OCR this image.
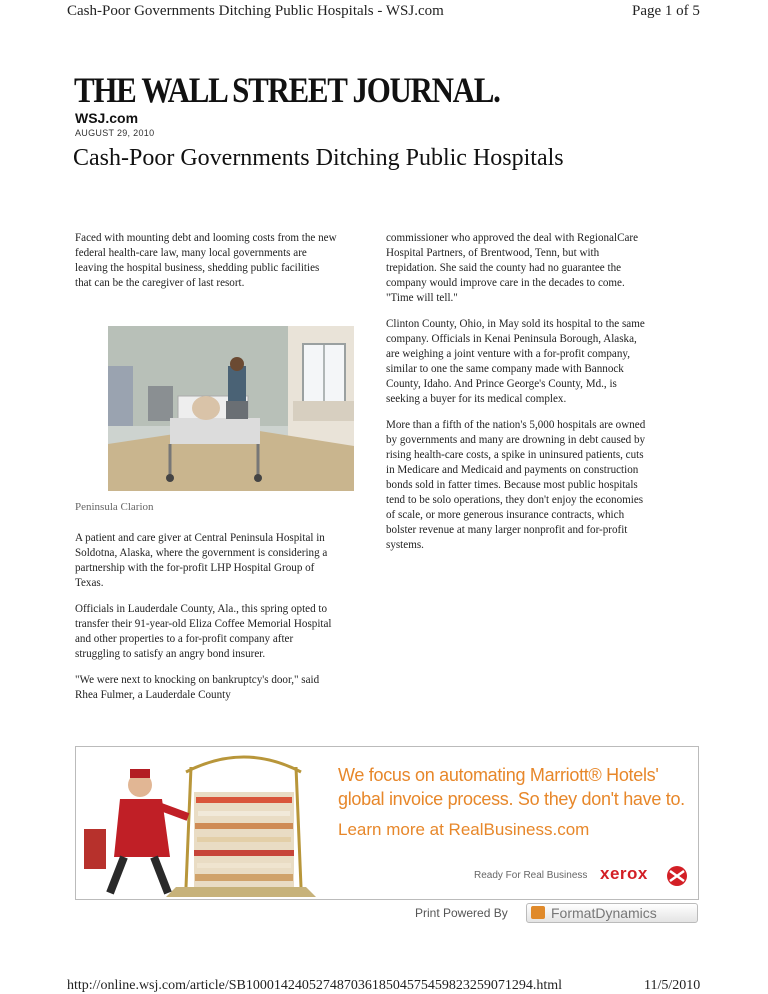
Cash-Poor Governments Ditching Public Hospitals - WSJ.com	Page 1 of 5
THE WALL STREET JOURNAL.
WSJ.com
AUGUST 29, 2010
Cash-Poor Governments Ditching Public Hospitals

Faced with mounting debt and looming costs from the new federal health-care law, many local governments are leaving the hospital business, shedding public facilities that can be the caregiver of last resort.

Peninsula Clarion

A patient and care giver at Central Peninsula Hospital in Soldotna, Alaska, where the government is considering a partnership with the for-profit LHP Hospital Group of Texas.

Officials in Lauderdale County, Ala., this spring opted to transfer their 91-year-old Eliza Coffee Memorial Hospital and other properties to a for-profit company after struggling to satisfy an angry bond insurer.

"We were next to knocking on bankruptcy's door," said Rhea Fulmer, a Lauderdale County

commissioner who approved the deal with RegionalCare Hospital Partners, of Brentwood, Tenn, but with trepidation. She said the county had no guarantee the company would improve care in the decades to come. "Time will tell."

Clinton County, Ohio, in May sold its hospital to the same company. Officials in Kenai Peninsula Borough, Alaska, are weighing a joint venture with a for-profit company, similar to one the same company made with Bannock County, Idaho. And Prince George's County, Md., is seeking a buyer for its medical complex.

More than a fifth of the nation's 5,000 hospitals are owned by governments and many are drowning in debt caused by rising health-care costs, a spike in uninsured patients, cuts in Medicare and Medicaid and payments on construction bonds sold in fatter times. Because most public hospitals tend to be solo operations, they don't enjoy the economies of scale, or more generous insurance contracts, which bolster revenue at many larger nonprofit and for-profit systems.

We focus on automating Marriott® Hotels'
global invoice process. So they don't have to.
Learn more at RealBusiness.com
Ready For Real Business xerox
Print Powered By	FormatDynamics
http://online.wsj.com/article/SB10001424052748703618504575459823259071294.html	11/5/2010
